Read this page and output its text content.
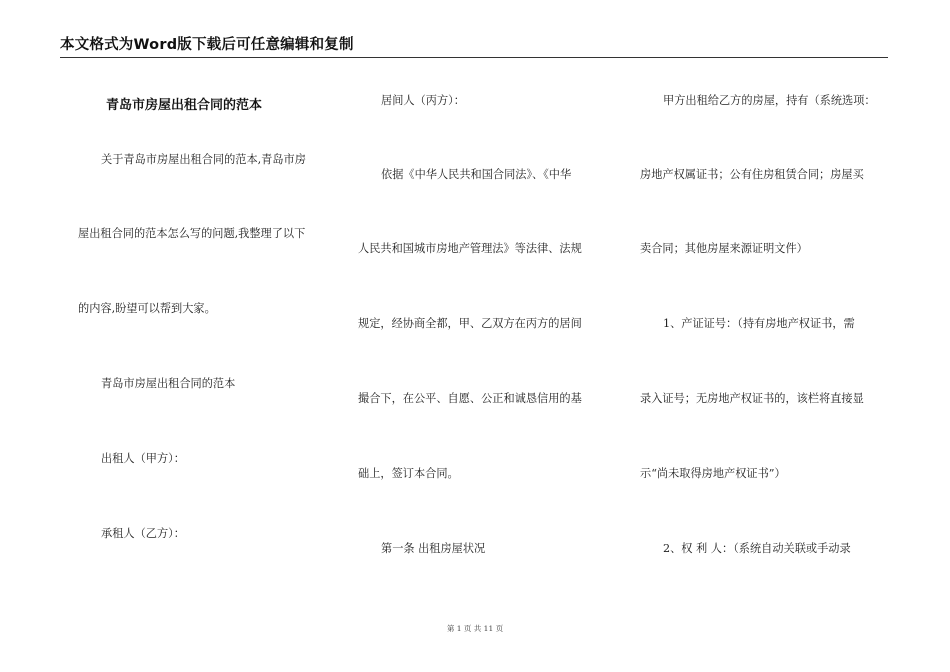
本文格式为Word版下载后可任意编辑和复制
青岛市房屋出租合同的范本
关于青岛市房屋出租合同的范本,青岛市房
屋出租合同的范本怎么写的问题,我整理了以下
的内容,盼望可以帮到大家。
青岛市房屋出租合同的范本
出租人（甲方）：
承租人（乙方）：
居间人（丙方）：
依据《中华人民共和国合同法》、《中华
人民共和国城市房地产管理法》等法律、法规
规定，经协商全都，甲、乙双方在丙方的居间
撮合下，在公平、自愿、公正和诚恳信用的基
础上，签订本合同。
第一条 出租房屋状况
甲方出租给乙方的房屋，持有（系统选项：
房地产权属证书；公有住房租赁合同；房屋买
卖合同；其他房屋来源证明文件）
1、产证证号：（持有房地产权证书，需
录入证号；无房地产权证书的，该栏将直接显
示“尚未取得房地产权证书”）
2、权 利 人：（系统自动关联或手动录
第 1 页 共 11 页
